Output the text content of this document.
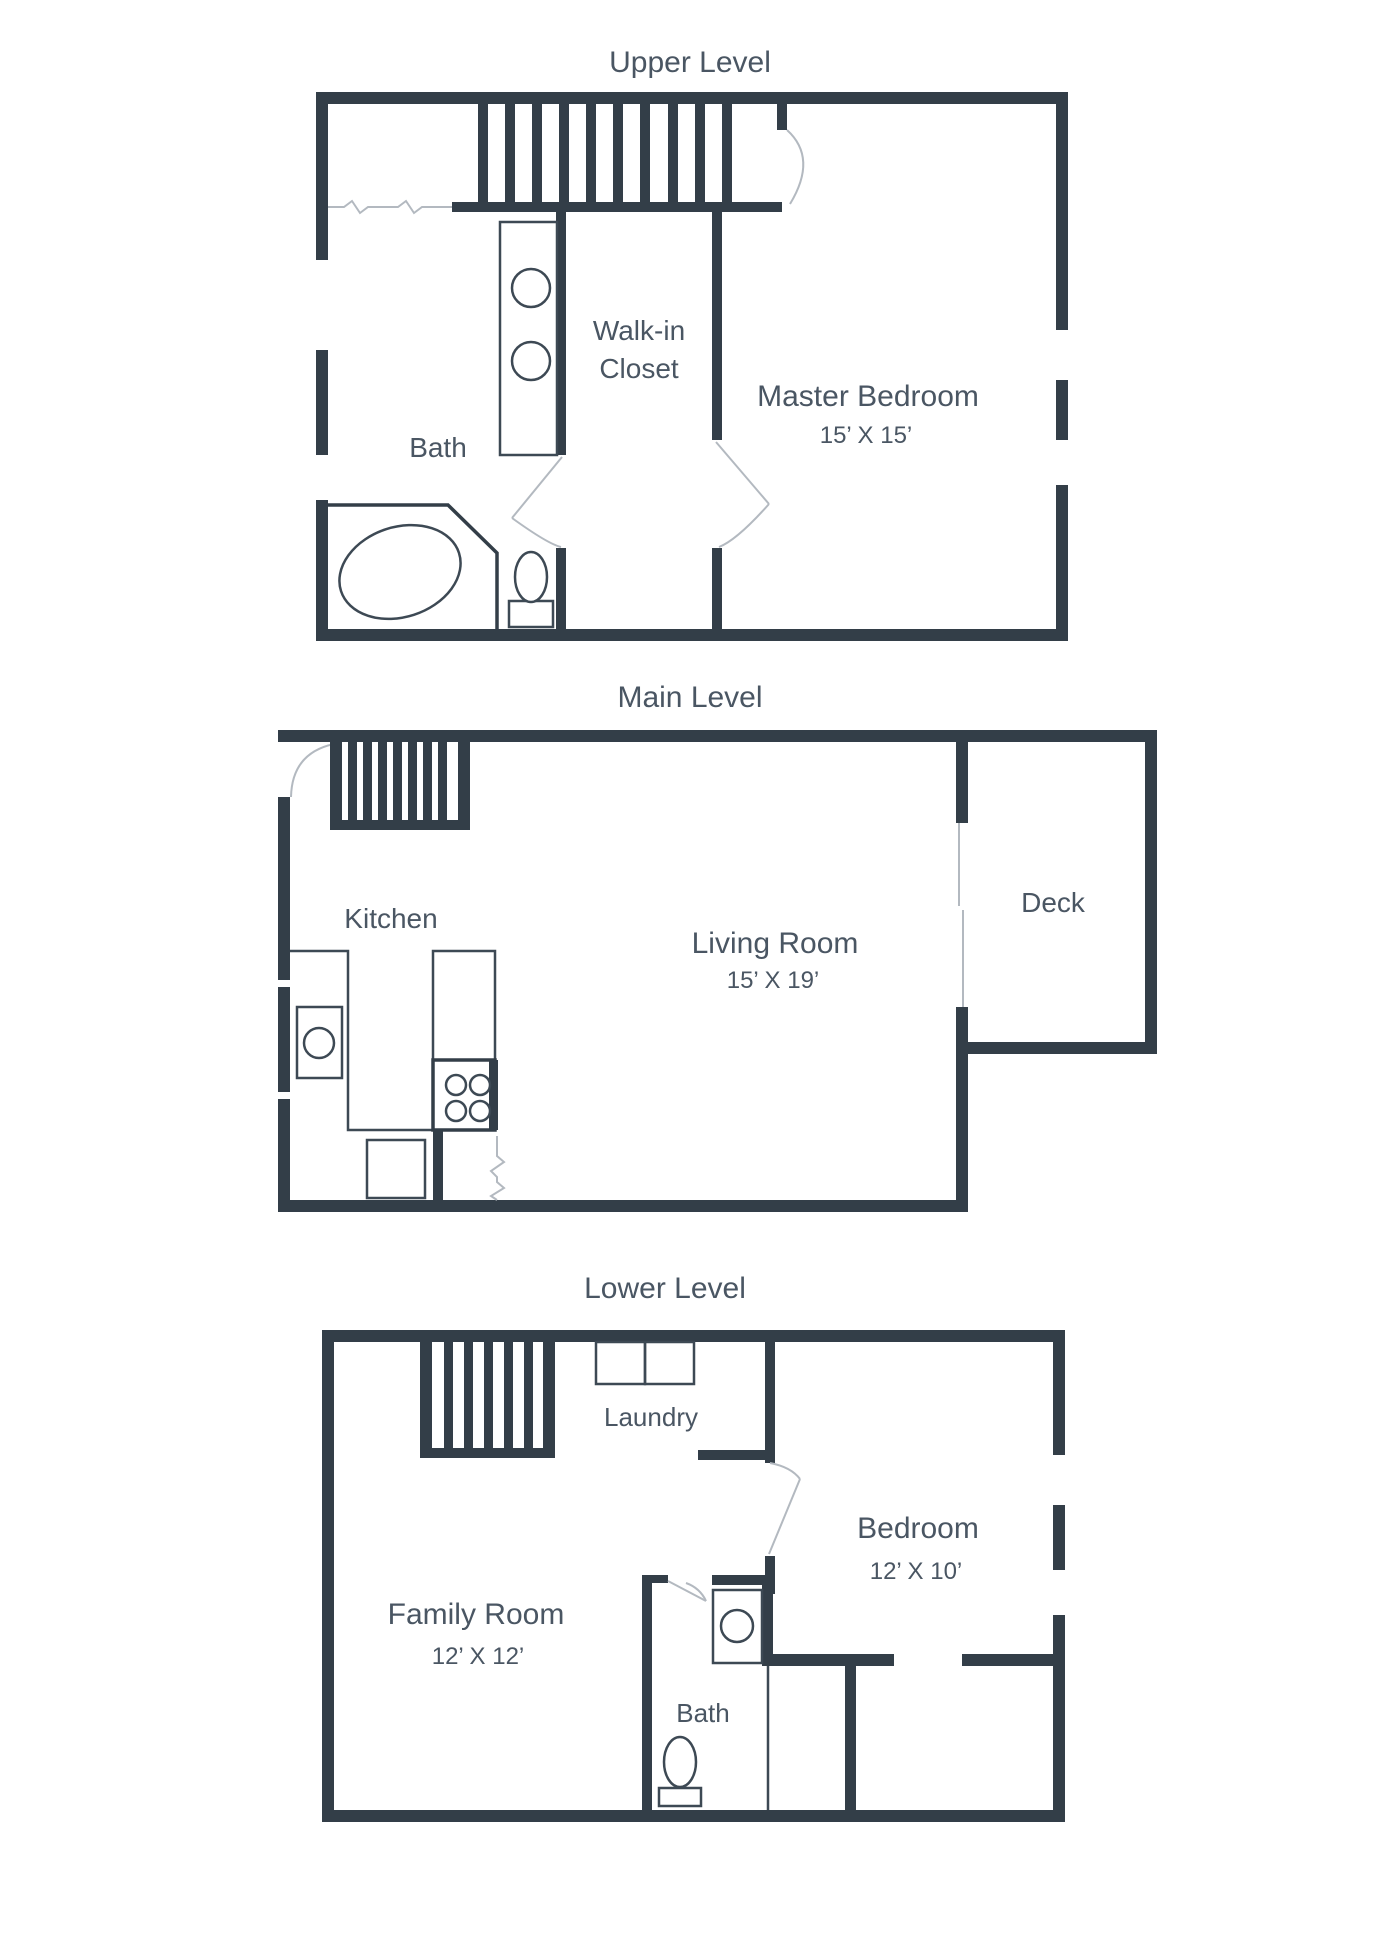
Upper Level
Bath
Walk-in
Closet
Master Bedroom
15’ X 15’
Main Level
Kitchen
Living Room
15’ X 19’
Deck
Lower Level
Laundry
Bedroom
12’ X 10’
Family Room
12’ X 12’
Bath
